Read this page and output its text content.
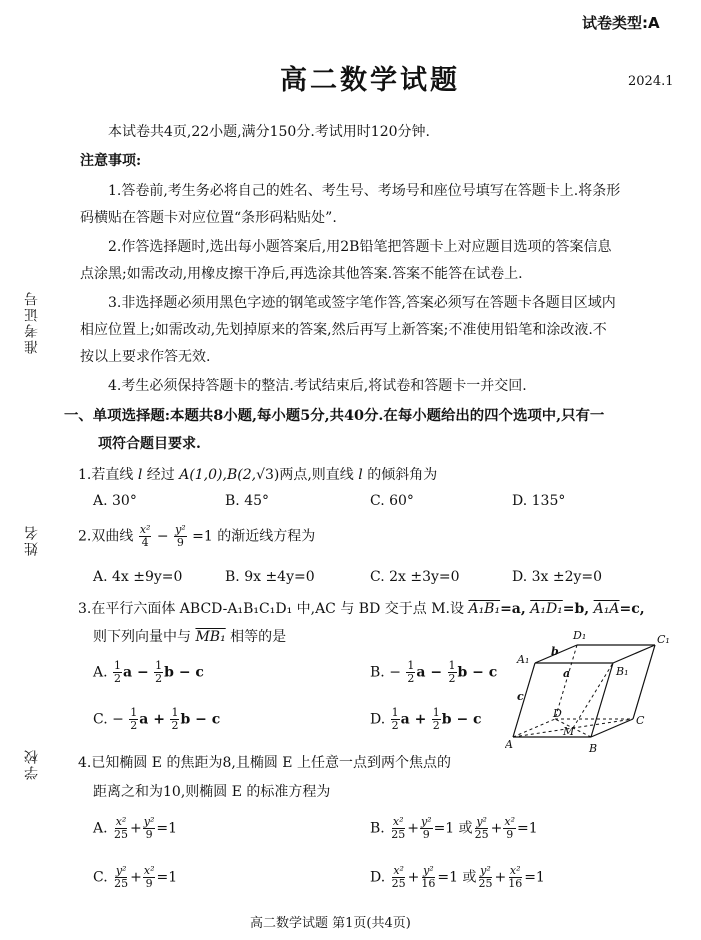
试卷类型:A
高二数学试题	2024.1
准考证号
姓名
学校
本试卷共4页,22小题,满分150分.考试用时120分钟.
注意事项:
1.答卷前,考生务必将自己的姓名、考生号、考场号和座位号填写在答题卡上.将条形
码横贴在答题卡对应位置“条形码粘贴处”.
2.作答选择题时,选出每小题答案后,用2B铅笔把答题卡上对应题目选项的答案信息
点涂黑;如需改动,用橡皮擦干净后,再选涂其他答案.答案不能答在试卷上.
3.非选择题必须用黑色字迹的钢笔或签字笔作答,答案必须写在答题卡各题目区域内
相应位置上;如需改动,先划掉原来的答案,然后再写上新答案;不准使用铅笔和涂改液.不
按以上要求作答无效.
4.考生必须保持答题卡的整洁.考试结束后,将试卷和答题卡一并交回.
一、单项选择题:本题共8小题,每小题5分,共40分.在每小题给出的四个选项中,只有一
项符合题目要求.
1.若直线 l 经过 A(1,0),B(2,√3)两点,则直线 l 的倾斜角为
A. 30°	B. 45°	C. 60°	D. 135°
2.双曲线 $\frac{\text{x²}}{4} - \frac{\text{y²}}{9} =1$ 的渐近线方程为
A. 4x ±9y=0	B. 9x ±4y=0	C. 2x ±3y=0	D. 3x ±2y=0
3.在平行六面体 ABCD-A₁B₁C₁D₁ 中,AC 与 BD 交于点 M.设 A₁B₁=a, A₁D₁=b, A₁A=c,
则下列向量中与 MB₁ 相等的是
A. $\frac{1}{2}$ $a - \frac{1}{2}$ b − c	B. − $\frac{1}{2}$ $a - \frac{1}{2}$ b − c
C. − $\frac{1}{2}$ $a + \frac{1}{2}$ b − c	D. $\frac{1}{2}$ $a + \frac{1}{2}$ b − c
D₁	C₁
A₁
B₁
a
b
c
D
M
C
A	B
4.已知椭圆 E 的焦距为8,且椭圆 E 上任意一点到两个焦点的
距离之和为10,则椭圆 E 的标准方程为
A. $\frac{\text{x²}}{25} + \frac{\text{y²}}{9} =1$	B. $\frac{\text{x²}}{25} + \frac{\text{y²}}{9} =1$ 或 $\frac{\text{y²}}{25} + \frac{\text{x²}}{9} =1$
C. $\frac{\text{y²}}{25} + \frac{\text{x²}}{9} =1$	D. $\frac{\text{x²}}{25} + \frac{\text{y²}}{16} =1$ 或 $\frac{\text{y²}}{25} + \frac{\text{x²}}{16} =1$
高二数学试题 第1页(共4页)
